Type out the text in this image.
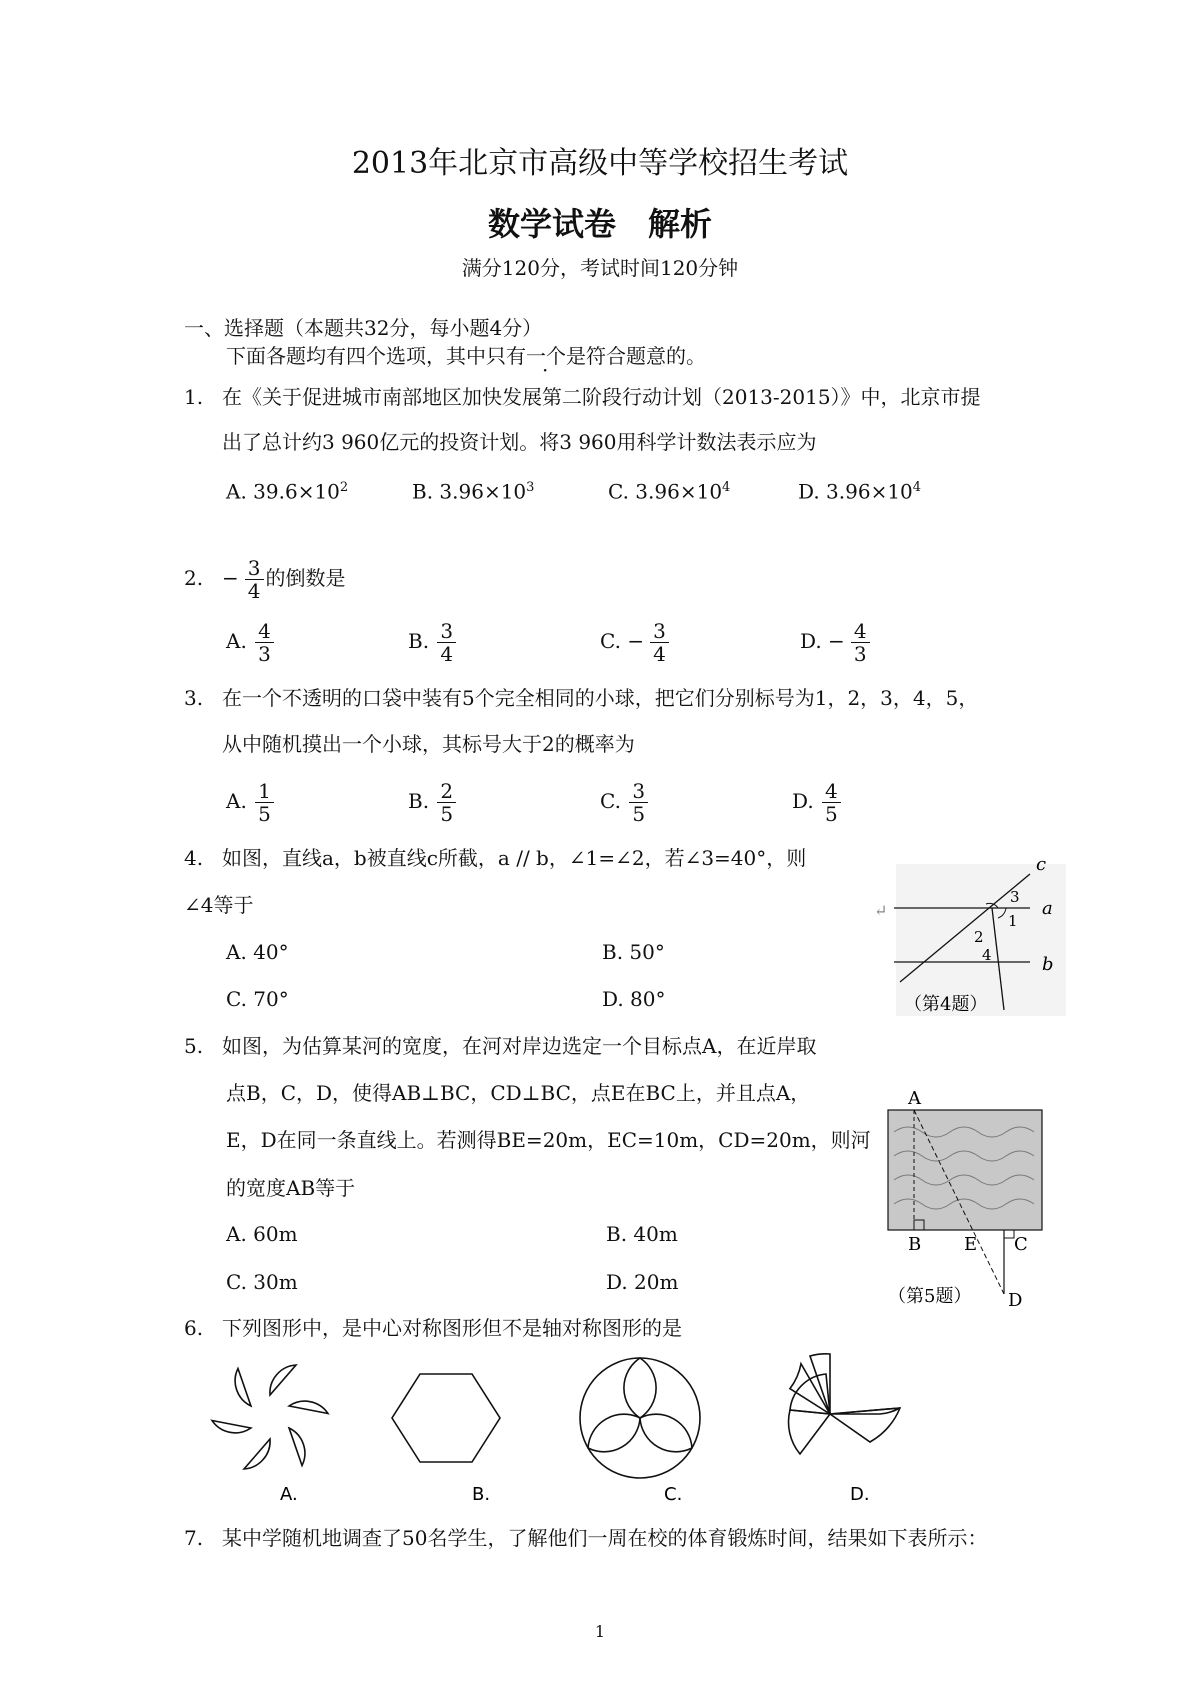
2013年北京市高级中等学校招生考试
数学试卷　解析
满分120分，考试时间120分钟
一、选择题（本题共32分，每小题4分）
下面各题均有四个选项，其中只有一个是符合题意的。
1. 在《关于促进城市南部地区加快发展第二阶段行动计划（2013-2015）》中，北京市提
出了总计约3 960亿元的投资计划。将3 960用科学计数法表示应为
A. $39.6\times 10^2$	B. $3.96\times 10^3$	C. $3.96\times 10^4$	D. $3.96\times 10^4$
2. − $\frac{3}{4}$ 的倒数是
A. $\frac{4}{3}$	B. $\frac{3}{4}$	C. − $\frac{3}{4}$	D. − $\frac{4}{3}$
3. 在一个不透明的口袋中装有5个完全相同的小球，把它们分别标号为1，2，3，4，5，
从中随机摸出一个小球，其标号大于2的概率为
A. $\frac{1}{5}$	B. $\frac{2}{5}$	C. $\frac{3}{5}$	D. $\frac{4}{5}$
4. 如图，直线a，b被直线c所截，a // b，∠1=∠2，若∠3=40°，则
∠4等于
A. 40°	B. 50°
C. 70°	D. 80°
↵
c
a
b
3
1
2
4
（第4题）
5. 如图，为估算某河的宽度，在河对岸边选定一个目标点A，在近岸取
点B，C，D，使得AB⊥BC，CD⊥BC，点E在BC上，并且点A，
E，D在同一条直线上。若测得BE=20m，EC=10m，CD=20m，则河
的宽度AB等于
A. 60m	B. 40m
C. 30m	D. 20m
A
B E C
D
（第5题）
6. 下列图形中，是中心对称图形但不是轴对称图形的是
A.	B.	C.	D.
7. 某中学随机地调查了50名学生，了解他们一周在校的体育锻炼时间，结果如下表所示：
1
